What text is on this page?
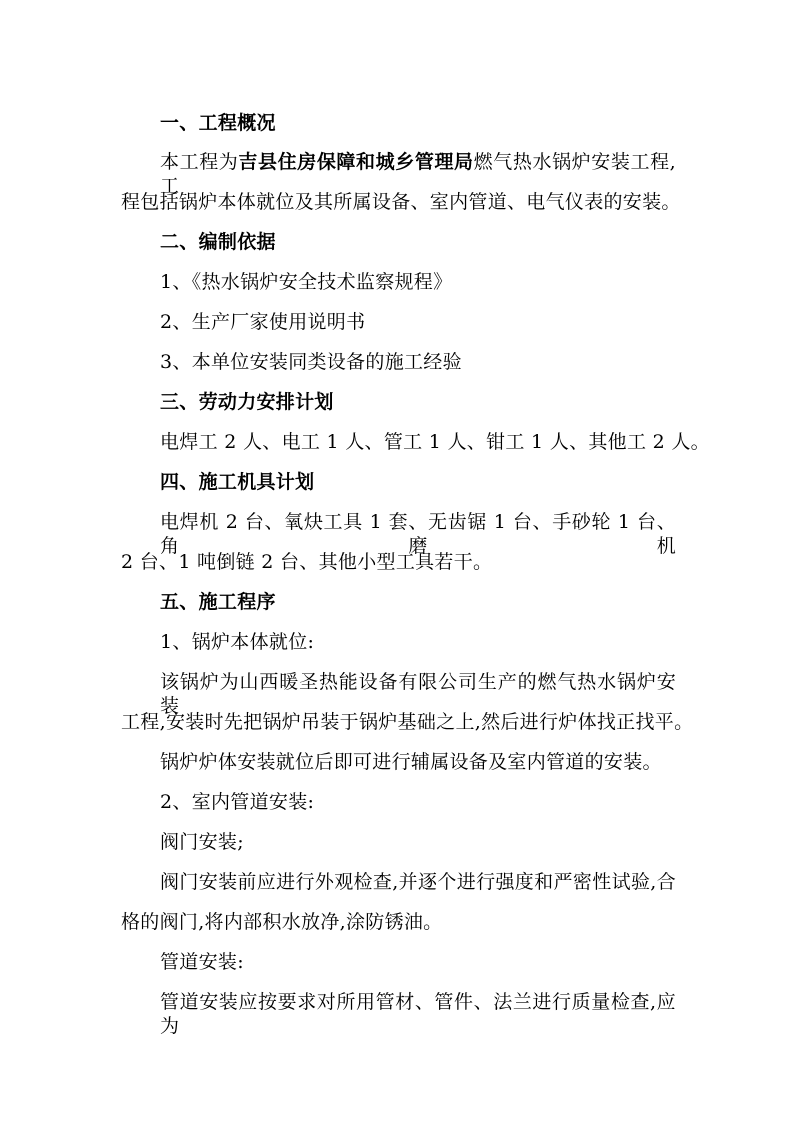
一、工程概况
本工程为吉县住房保障和城乡管理局燃气热水锅炉安装工程,工
程包括锅炉本体就位及其所属设备、室内管道、电气仪表的安装。
二、编制依据
1、《热水锅炉安全技术监察规程》
2、生产厂家使用说明书
3、本单位安装同类设备的施工经验
三、劳动力安排计划
电焊工 2 人、电工 1 人、管工 1 人、钳工 1 人、其他工 2 人。
四、施工机具计划
电焊机 2 台、氧炔工具 1 套、无齿锯 1 台、手砂轮 1 台、角磨机
2 台、1 吨倒链 2 台、其他小型工具若干。
五、施工程序
1、锅炉本体就位:
该锅炉为山西暖圣热能设备有限公司生产的燃气热水锅炉安装
工程,安装时先把锅炉吊装于锅炉基础之上,然后进行炉体找正找平。
锅炉炉体安装就位后即可进行辅属设备及室内管道的安装。
2、室内管道安装:
阀门安装;
阀门安装前应进行外观检查,并逐个进行强度和严密性试验,合
格的阀门,将内部积水放净,涂防锈油。
管道安装:
管道安装应按要求对所用管材、管件、法兰进行质量检查,应为
